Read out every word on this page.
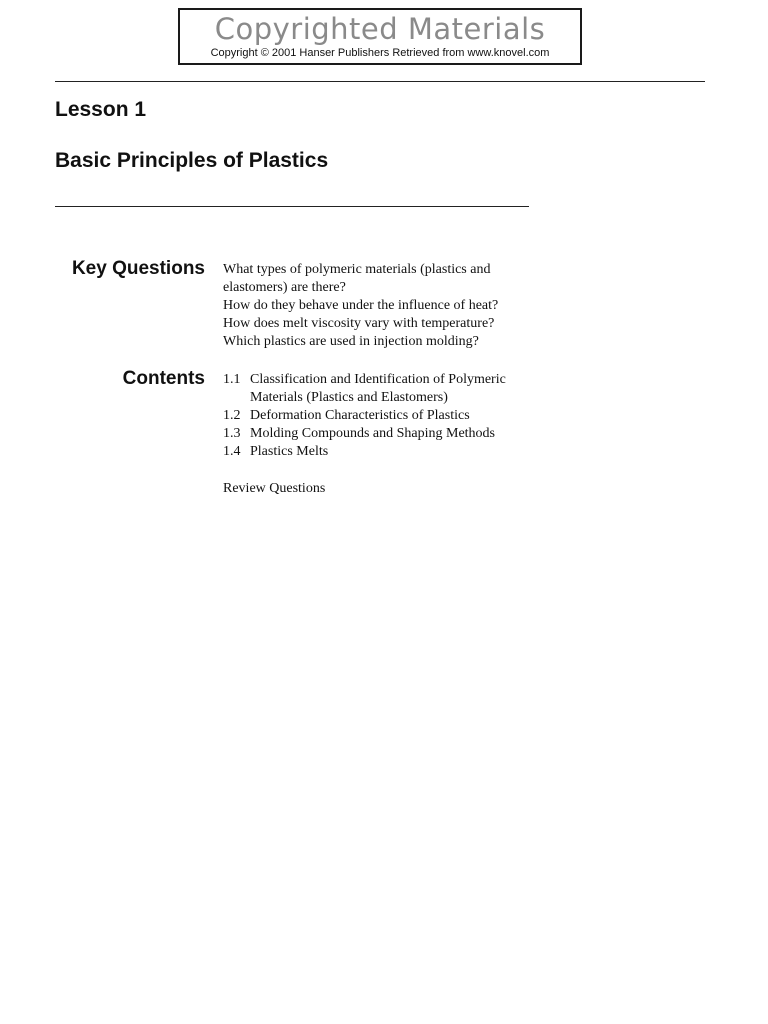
Copyrighted Materials
Copyright © 2001 Hanser Publishers Retrieved from www.knovel.com
Lesson 1
Basic Principles of Plastics
Key Questions What types of polymeric materials (plastics and elastomers) are there?
How do they behave under the influence of heat?
How does melt viscosity vary with temperature?
Which plastics are used in injection molding?
Contents 1.1 Classification and Identification of Polymeric Materials (Plastics and Elastomers)
1.2 Deformation Characteristics of Plastics
1.3 Molding Compounds and Shaping Methods
1.4 Plastics Melts

Review Questions
